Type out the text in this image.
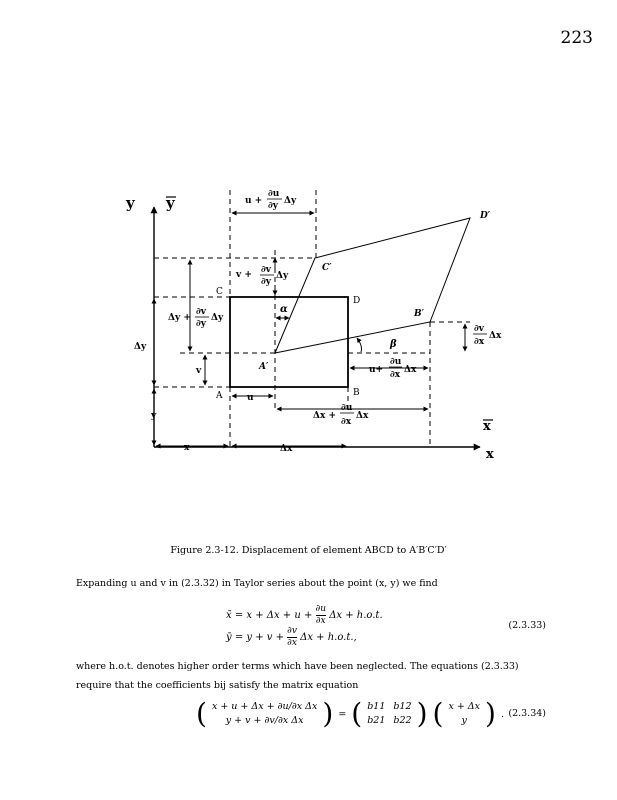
223
y y
x
x
A	B
C
D
A′
B′
C′
D′
α
β
u +
∂u
∂y Δy
v + ∂v
∂y
Δy
Δy +
∂v
∂y
Δy
Δy
v
y
u
x	Δx
∂v
∂x
Δx
u+
∂u
∂x Δx
Δx +
∂u
∂x
Δx
Figure 2.3-12. Displacement of element ABCD to A′B′C′D′
Expanding u and v in (2.3.32) in Taylor series about the point (x, y) we find
x̄ = $x + \Delta x + u + \frac{\partial u}{\partial x}$ Δx + h.o.t.
ȳ = $y + v + \frac{\partial v}{\partial x}$ Δx + h.o.t.,
(2.3.33)
where h.o.t. denotes higher order terms which have been neglected. The equations (2.3.33) require that the coefficients bij satisfy the matrix equation
( x + u + Δx + ∂u/∂x Δx
y + v + ∂v/∂x Δx ) = ( b11 b12
b21 b22 ) ( x + Δx
y ) . (2.3.34)
